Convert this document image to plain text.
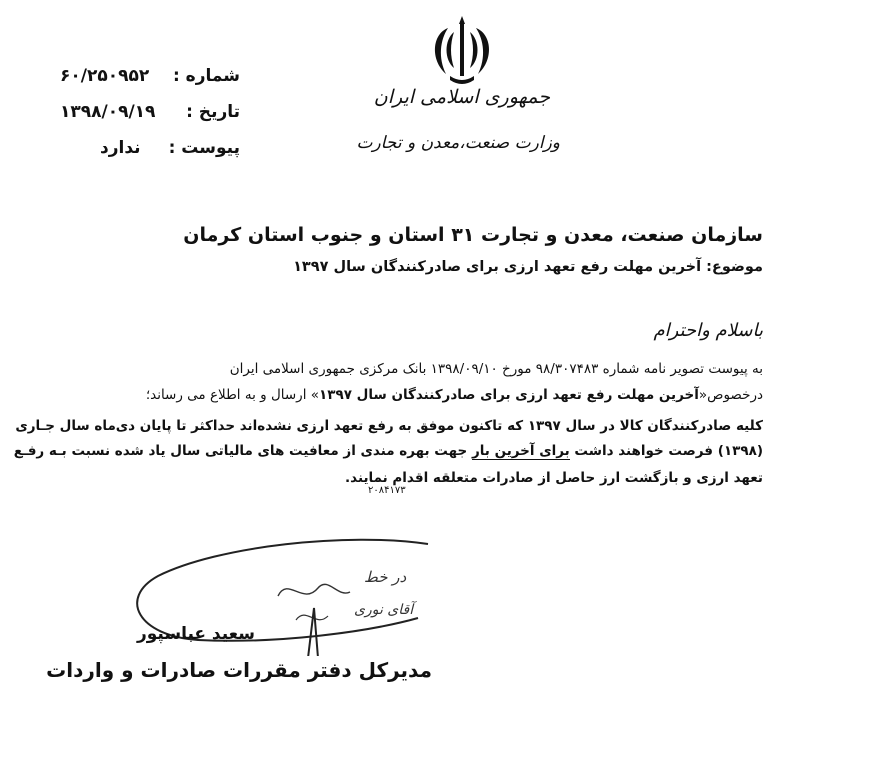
جمهوری اسلامی ایران
وزارت صنعت،معدن و تجارت
شماره :
۶۰/۲۵۰۹۵۲
تاریخ :
۱۳۹۸/۰۹/۱۹
پیوست :
ندارد
سازمان صنعت، معدن و تجارت ۳۱ استان و جنوب استان کرمان
موضوع: آخرین مهلت رفع تعهد ارزی برای صادرکنندگان سال ۱۳۹۷
باسلام واحترام
به پیوست تصویر نامه شماره ۹۸/۳۰۷۴۸۳ مورخ ۱۳۹۸/۰۹/۱۰ بانک مرکزی جمهوری اسلامی ایران
درخصوص«آخرین مهلت رفع تعهد ارزی برای صادرکنندگان سال ۱۳۹۷» ارسال و به اطلاع می رساند؛
کلیه صادرکنندگان کالا در سال ۱۳۹۷ که تاکنون موفق به رفع تعهد ارزی نشده‌اند حداکثر تا پایان دی‌ماه سال جـاری
(۱۳۹۸) فرصت خواهند داشت برای آخرین بار جهت بهره مندی از معافیت های مالیاتی سال یاد شده نسبت بـه رفـع
تعهد ارزی و بازگشت ارز حاصل از صادرات متعلقه اقدام نمایند.
۲۰۸۴۱۷۳
در خط
آقای نوری
سعید عباسپور
مدیرکل دفتر مقررات صادرات و واردات
